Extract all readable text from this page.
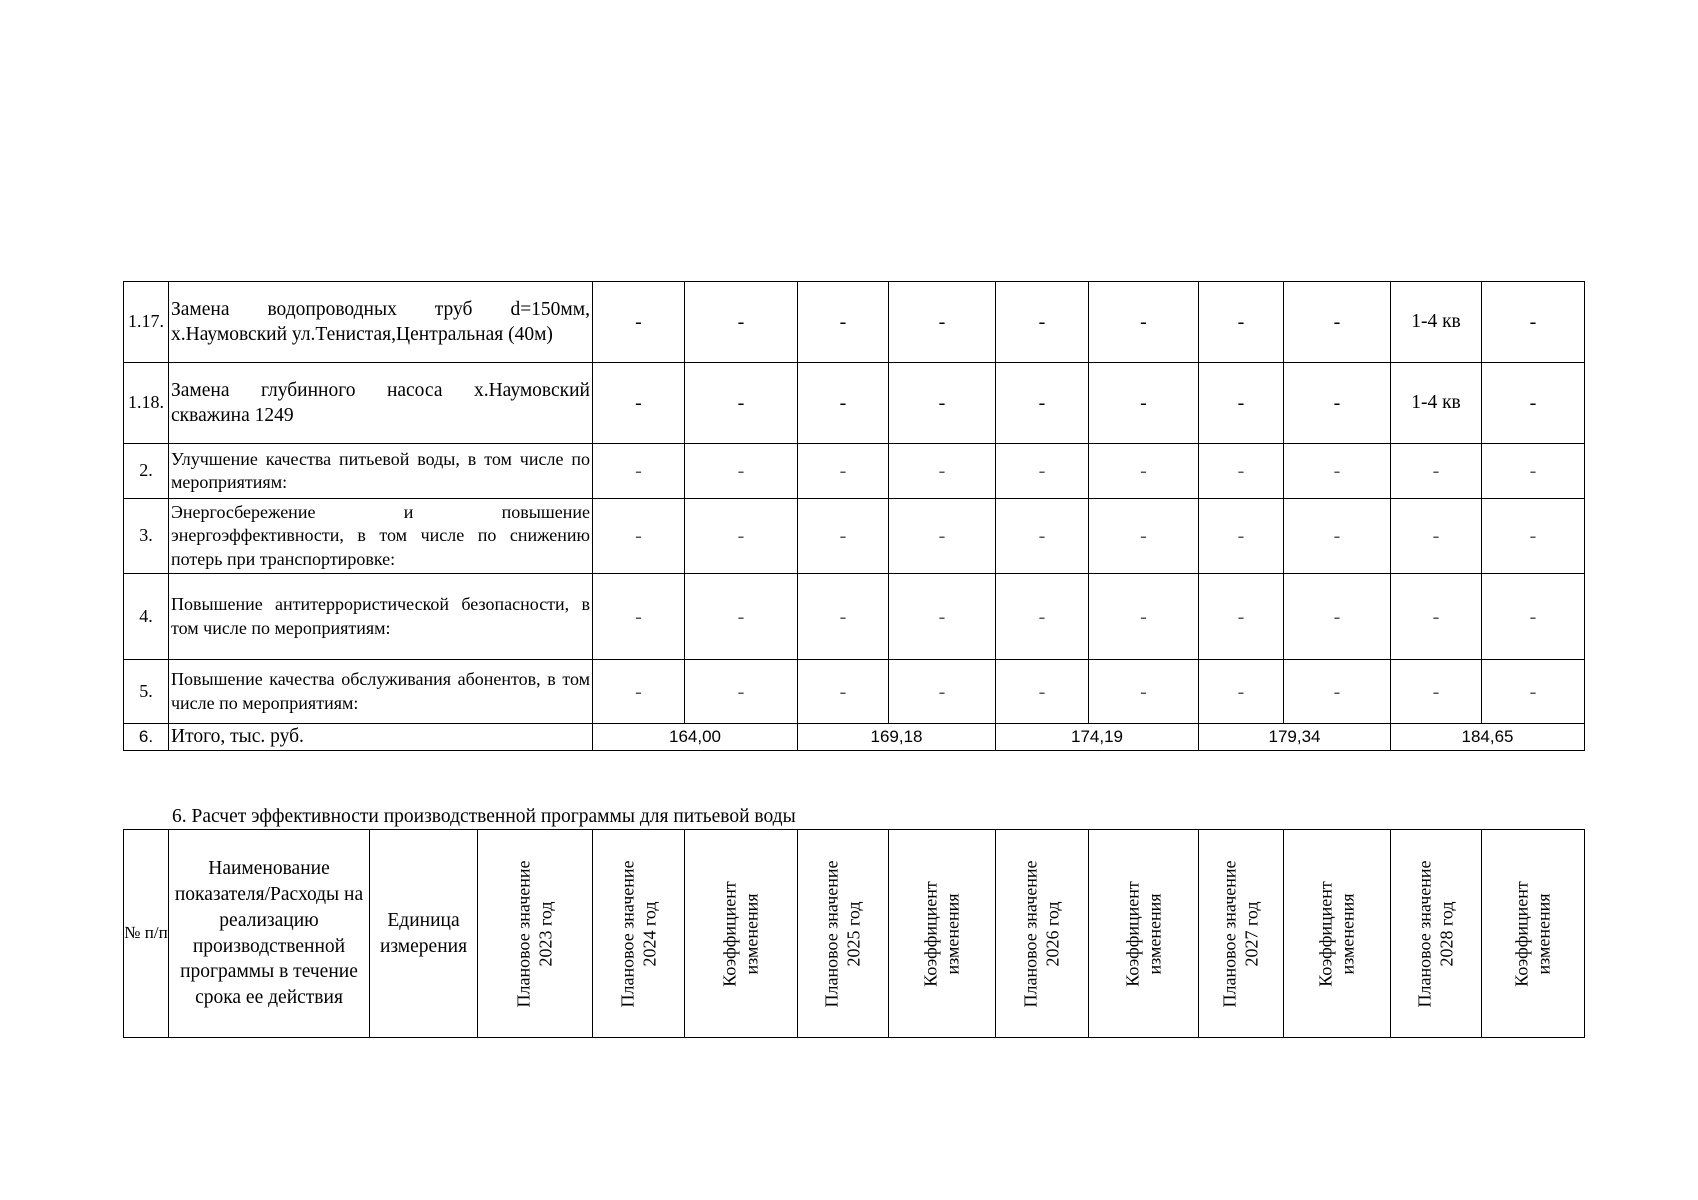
1.17.	Замена водопроводных труб d=150мм, х.Наумовский ул.Тенистая,Центральная (40м)	-	-	-	-	-	-	-	-	1-4 кв	-
1.18.	Замена глубинного насоса х.Наумовский скважина 1249	-	-	-	-	-	-	-	-	1-4 кв	-
2.	Улучшение качества питьевой воды, в том числе по мероприятиям:	-	-	-	-	-	-	-	-	-	-
3.	Энергосбережение и повышение энергоэффективности, в том числе по снижению потерь при транспортировке:	-	-	-	-	-	-	-	-	-	-
4.	Повышение антитеррористической безопасности, в том числе по мероприятиям:	-	-	-	-	-	-	-	-	-	-
5.	Повышение качества обслуживания абонентов, в том числе по мероприятиям:	-	-	-	-	-	-	-	-	-	-
6.	Итого, тыс. руб.	164,00		169,18		174,19		179,34		184,65	
6. Расчет эффективности производственной программы для питьевой воды
№ п/п	Наименование показателя/Расходы на реализацию производственной программы в течение срока ее действия	Единица измерения	Плановое значение 2023 год	Плановое значение 2024 год	Коэффициент изменения	Плановое значение 2025 год	Коэффициент изменения	Плановое значение 2026 год	Коэффициент изменения	Плановое значение 2027 год	Коэффициент изменения	Плановое значение 2028 год	Коэффициент изменения
